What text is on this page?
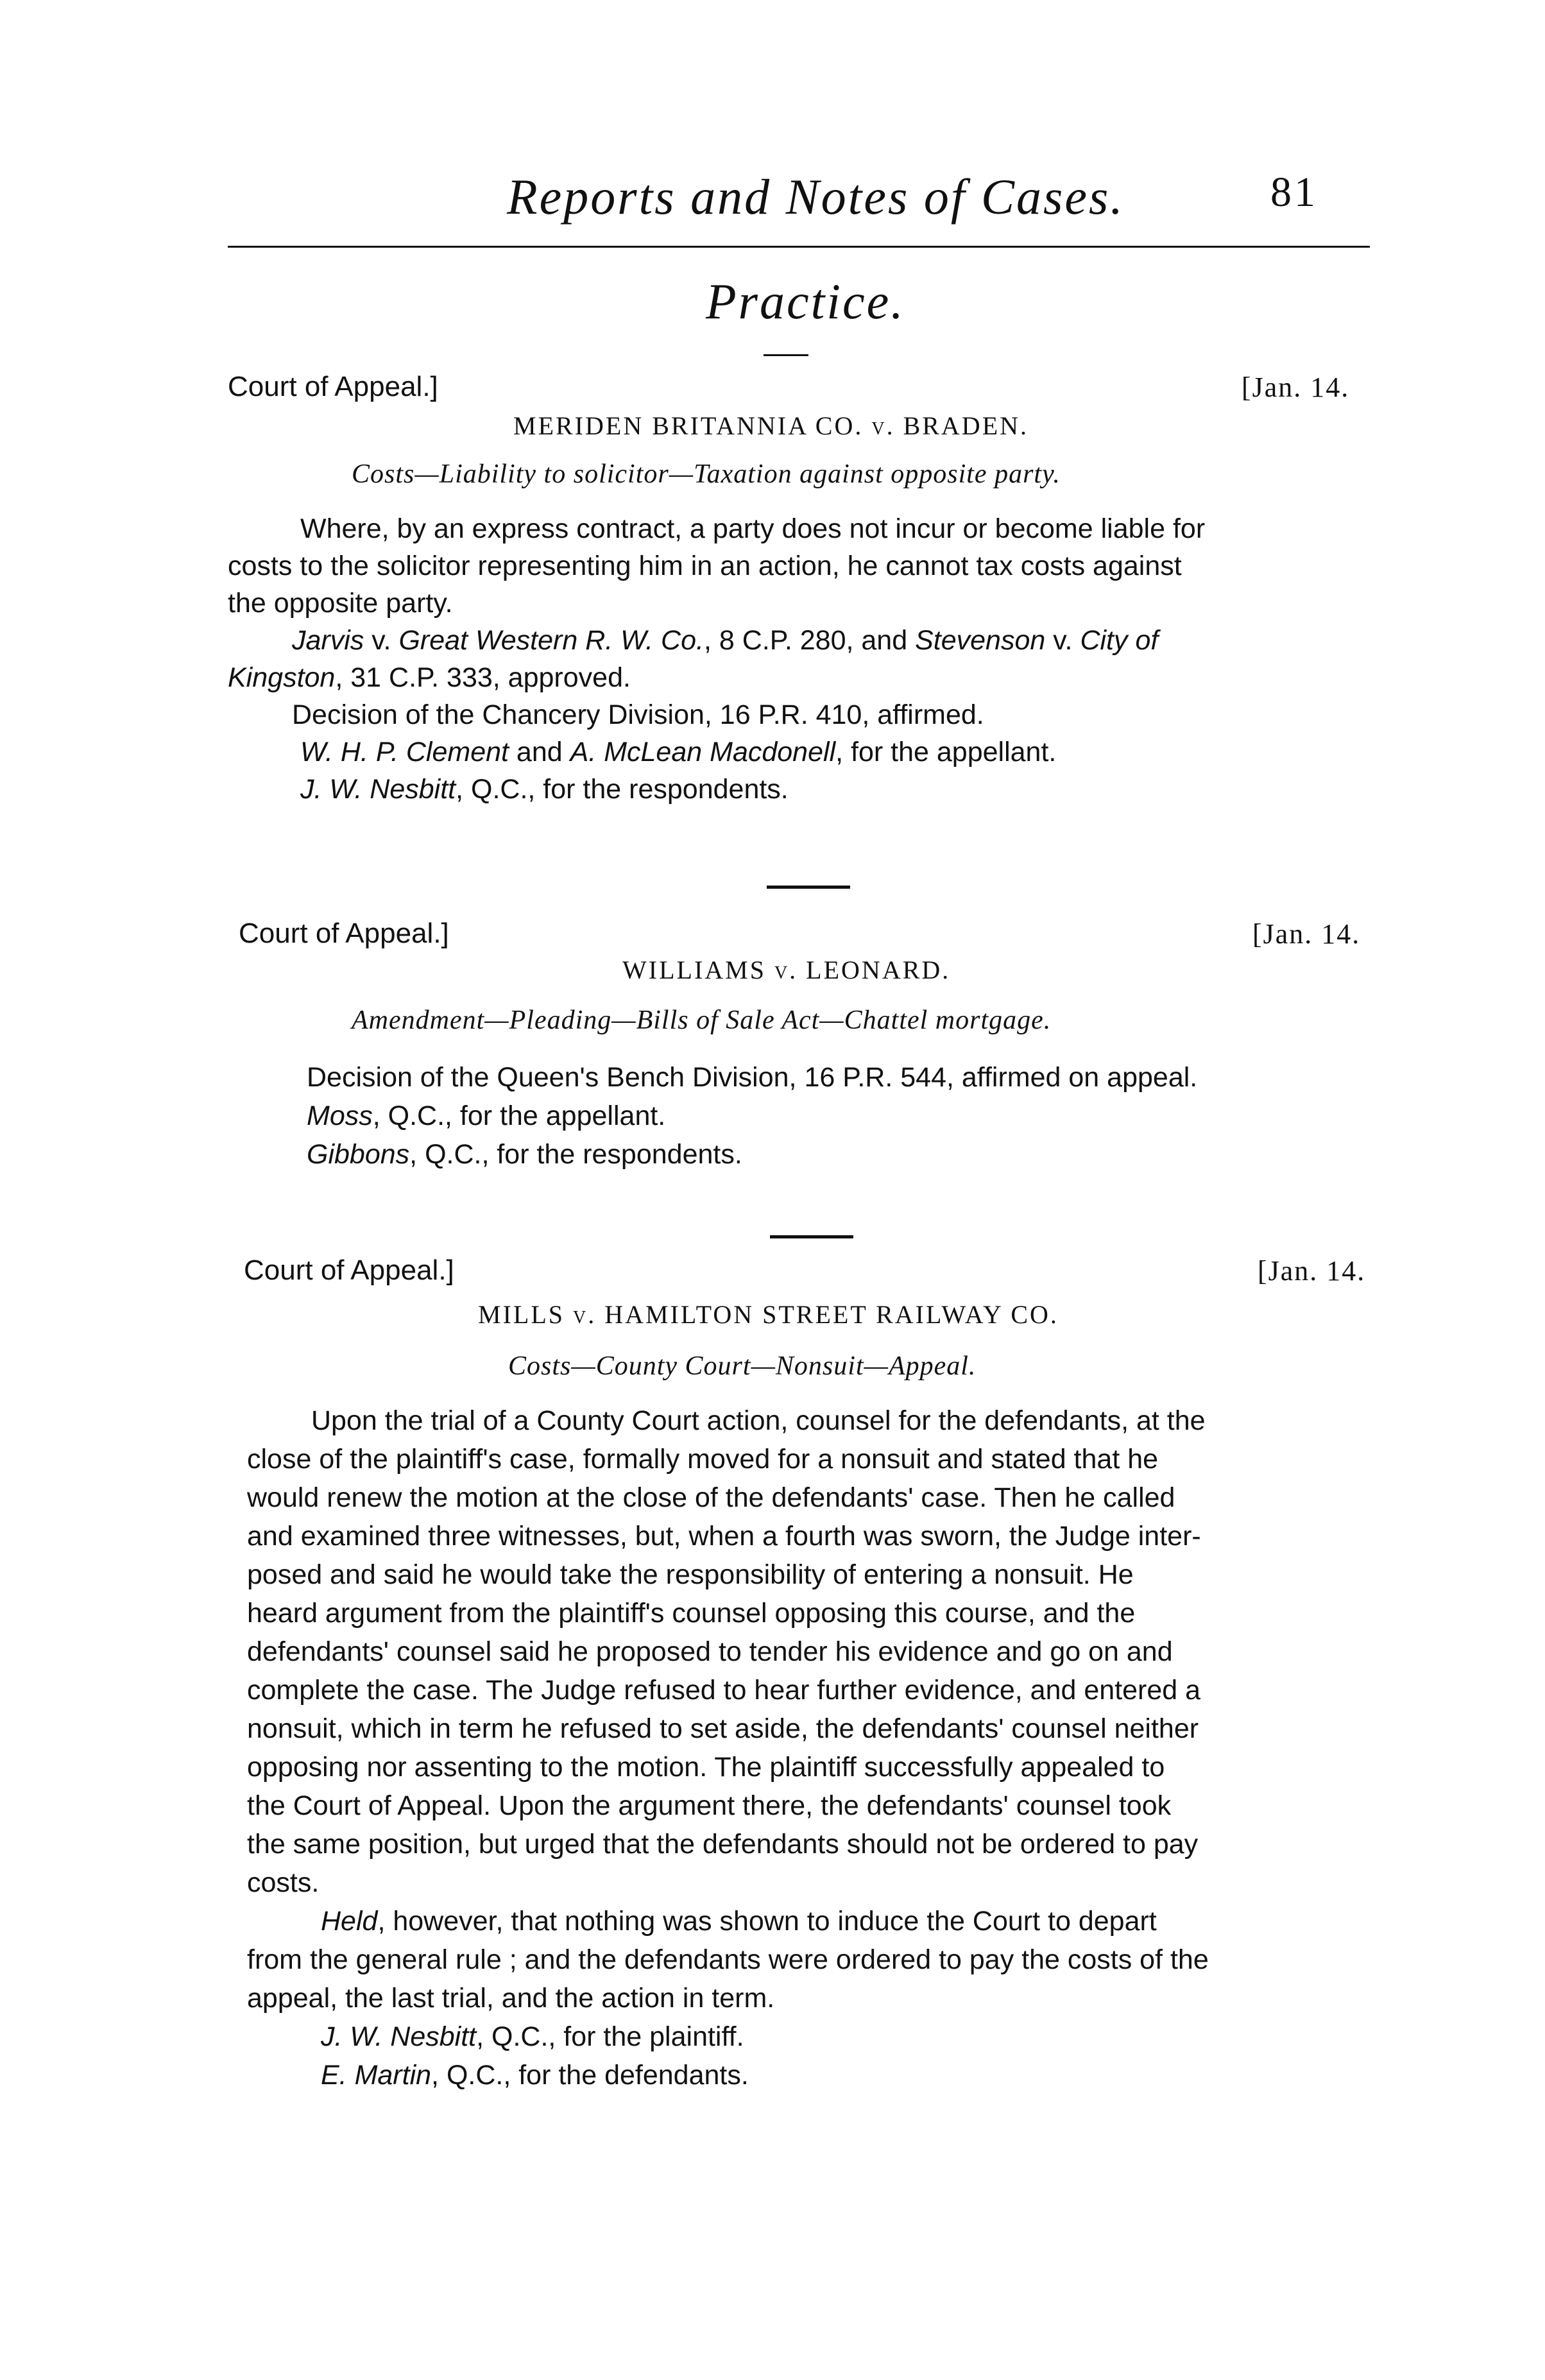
Reports and Notes of Cases.	81
Practice.
Court of Appeal.]	[Jan. 14.
MERIDEN BRITANNIA CO. v. BRADEN.
Costs—Liability to solicitor—Taxation against opposite party.
Where, by an express contract, a party does not incur or become liable for
costs to the solicitor representing him in an action, he cannot tax costs against
the opposite party.
Jarvis v. Great Western R. W. Co., 8 C.P. 280, and Stevenson v. City of
Kingston, 31 C.P. 333, approved.
Decision of the Chancery Division, 16 P.R. 410, affirmed.
W. H. P. Clement and A. McLean Macdonell, for the appellant.
J. W. Nesbitt, Q.C., for the respondents.
Court of Appeal.]	[Jan. 14.
WILLIAMS v. LEONARD.
Amendment—Pleading—Bills of Sale Act—Chattel mortgage.
Decision of the Queen's Bench Division, 16 P.R. 544, affirmed on appeal.
Moss, Q.C., for the appellant.
Gibbons, Q.C., for the respondents.
Court of Appeal.]	[Jan. 14.
MILLS v. HAMILTON STREET RAILWAY CO.
Costs—County Court—Nonsuit—Appeal.
Upon the trial of a County Court action, counsel for the defendants, at the
close of the plaintiff's case, formally moved for a nonsuit and stated that he
would renew the motion at the close of the defendants' case. Then he called
and examined three witnesses, but, when a fourth was sworn, the Judge inter-
posed and said he would take the responsibility of entering a nonsuit. He
heard argument from the plaintiff's counsel opposing this course, and the
defendants' counsel said he proposed to tender his evidence and go on and
complete the case. The Judge refused to hear further evidence, and entered a
nonsuit, which in term he refused to set aside, the defendants' counsel neither
opposing nor assenting to the motion. The plaintiff successfully appealed to
the Court of Appeal. Upon the argument there, the defendants' counsel took
the same position, but urged that the defendants should not be ordered to pay
costs.
Held, however, that nothing was shown to induce the Court to depart
from the general rule ; and the defendants were ordered to pay the costs of the
appeal, the last trial, and the action in term.
J. W. Nesbitt, Q.C., for the plaintiff.
E. Martin, Q.C., for the defendants.
